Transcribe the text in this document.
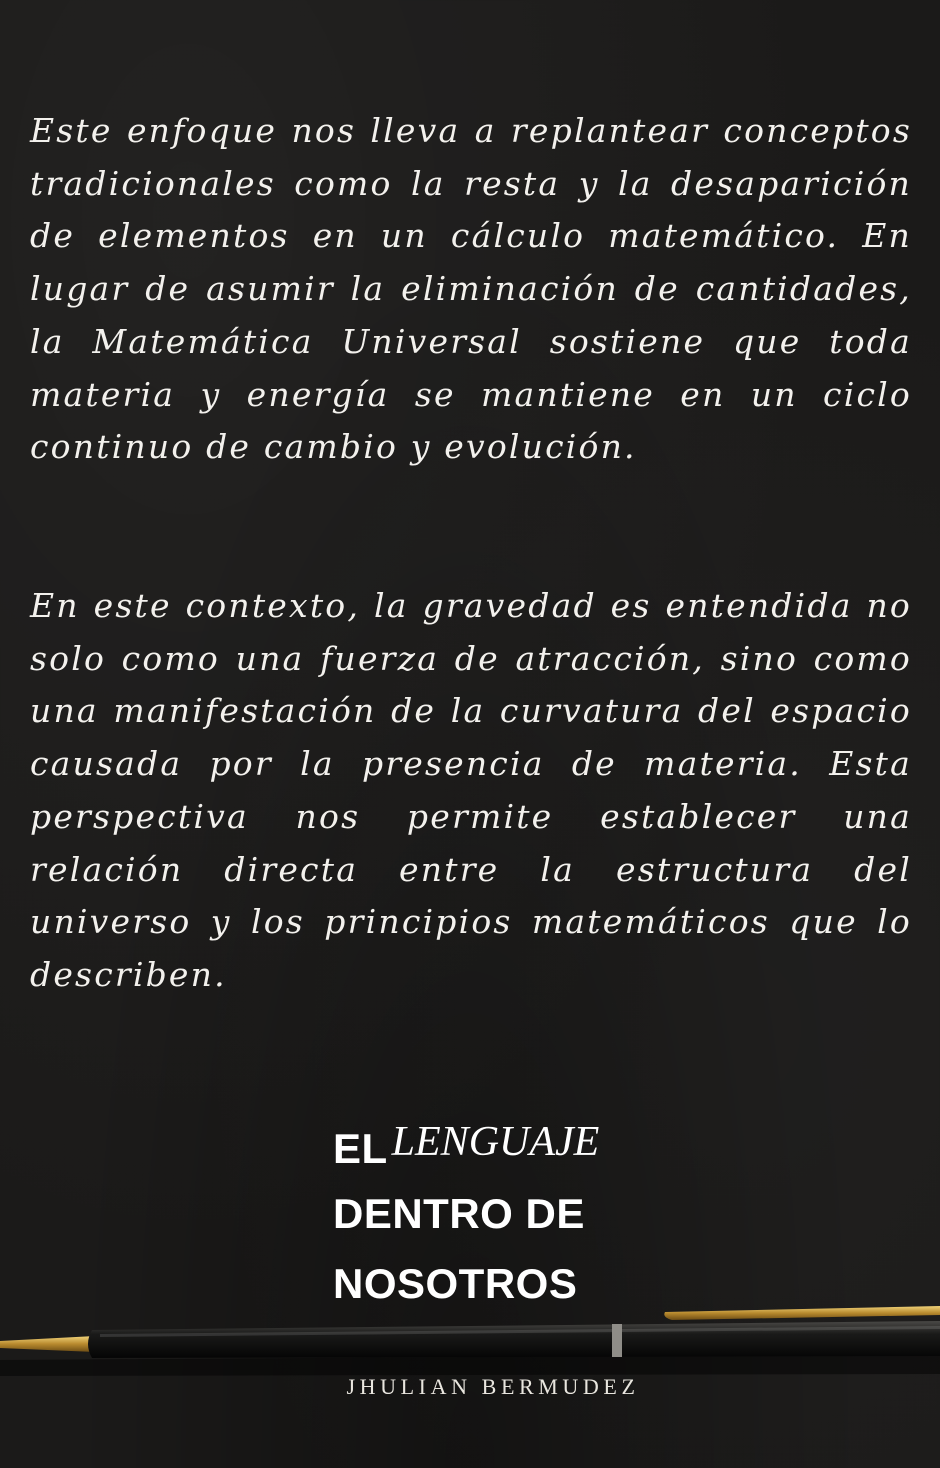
Este enfoque nos lleva a replantear conceptos tradicionales como la resta y la desaparición de elementos en un cálculo matemático. En lugar de asumir la eliminación de cantidades, la Matemática Universal sostiene que toda materia y energía se mantiene en un ciclo continuo de cambio y evolución.

En este contexto, la gravedad es entendida no solo como una fuerza de atracción, sino como una manifestación de la curvatura del espacio causada por la presencia de materia. Esta perspectiva nos permite establecer una relación directa entre la estructura del universo y los principios matemáticos que lo describen.

ELLENGUAJE
DENTRO DE
NOSOTROS
JHULIAN BERMUDEZ
